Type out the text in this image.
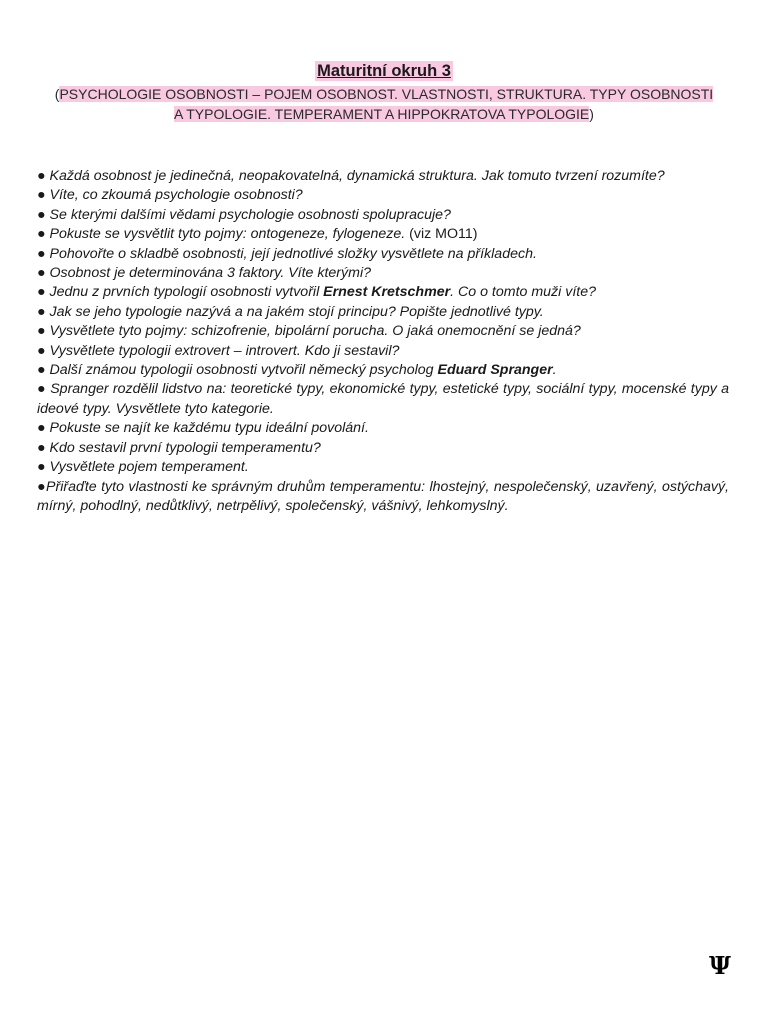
Maturitní okruh 3
(PSYCHOLOGIE OSOBNOSTI – POJEM OSOBNOST. VLASTNOSTI, STRUKTURA. TYPY OSOBNOSTI A TYPOLOGIE. TEMPERAMENT A HIPPOKRATOVA TYPOLOGIE)

● Každá osobnost je jedinečná, neopakovatelná, dynamická struktura. Jak tomuto tvrzení rozumíte?

● Víte, co zkoumá psychologie osobnosti?

● Se kterými dalšími vědami psychologie osobnosti spolupracuje?

● Pokuste se vysvětlit tyto pojmy: ontogeneze, fylogeneze. (viz MO11)

● Pohovořte o skladbě osobnosti, její jednotlivé složky vysvětlete na příkladech.

● Osobnost je determinována 3 faktory. Víte kterými?

● Jednu z prvních typologií osobnosti vytvořil Ernest Kretschmer. Co o tomto muži víte?

● Jak se jeho typologie nazývá a na jakém stojí principu? Popište jednotlivé typy.

● Vysvětlete tyto pojmy: schizofrenie, bipolární porucha. O jaká onemocnění se jedná?

● Vysvětlete typologii extrovert – introvert. Kdo ji sestavil?

● Další známou typologii osobnosti vytvořil německý psycholog Eduard Spranger.

● Spranger rozdělil lidstvo na: teoretické typy, ekonomické typy, estetické typy, sociální typy, mocenské typy a ideové typy. Vysvětlete tyto kategorie.

● Pokuste se najít ke každému typu ideální povolání.

● Kdo sestavil první typologii temperamentu?

● Vysvětlete pojem temperament.

●Přiřaďte tyto vlastnosti ke správným druhům temperamentu: lhostejný, nespolečenský, uzavřený, ostýchavý, mírný, pohodlný, nedůtklivý, netrpělivý, společenský, vášnivý, lehkomyslný.

Ψ
